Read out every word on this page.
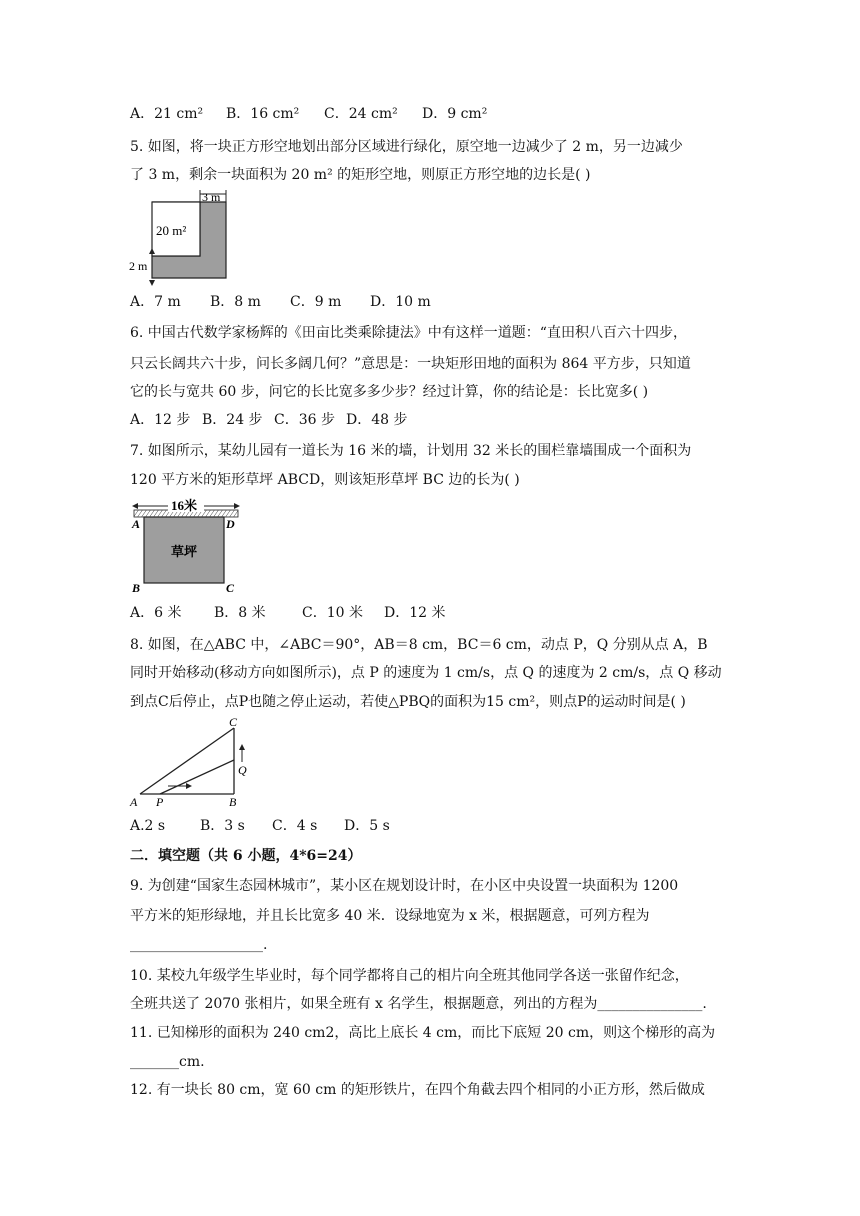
A．21 cm² B．16 cm² C．24 cm² D．9 cm²
5. 如图，将一块正方形空地划出部分区域进行绿化，原空地一边减少了 2 m，另一边减少
了 3 m，剩余一块面积为 20 m² 的矩形空地，则原正方形空地的边长是( )
3 m
20 m²
2 m
A．7 m B．8 m C．9 m D．10 m
6. 中国古代数学家杨辉的《田亩比类乘除捷法》中有这样一道题：“直田积八百六十四步，
只云长阔共六十步，问长多阔几何？”意思是：一块矩形田地的面积为 864 平方步，只知道
它的长与宽共 60 步，问它的长比宽多多少步？经过计算，你的结论是：长比宽多( )
A．12 步 B．24 步 C．36 步 D．48 步
7. 如图所示，某幼儿园有一道长为 16 米的墙，计划用 32 米长的围栏靠墙围成一个面积为
120 平方米的矩形草坪 ABCD，则该矩形草坪 BC 边的长为( )
16米
草坪
A	D
B	C
A．6 米 B．8 米	C．10 米 D．12 米
8. 如图，在△ABC 中，∠ABC＝90°，AB＝8 cm，BC＝6 cm，动点 P，Q 分别从点 A，B
同时开始移动(移动方向如图所示)，点 P 的速度为 1 cm/s，点 Q 的速度为 2 cm/s，点 Q 移动
到点C后停止，点P也随之停止运动，若使△PBQ的面积为15 cm²，则点P的运动时间是( )
A P	B
C
Q
A.2 s B．3 s C．4 s D．5 s
二．填空题（共 6 小题，4*6=24）
9. 为创建“国家生态园林城市”，某小区在规划设计时，在小区中央设置一块面积为 1200
平方米的矩形绿地，并且长比宽多 40 米．设绿地宽为 x 米，根据题意，可列方程为
___________________.
10. 某校九年级学生毕业时，每个同学都将自己的相片向全班其他同学各送一张留作纪念，
全班共送了 2070 张相片，如果全班有 x 名学生，根据题意，列出的方程为_______________.
11. 已知梯形的面积为 240 cm2，高比上底长 4 cm，而比下底短 20 cm，则这个梯形的高为
_______cm.
12. 有一块长 80 cm，宽 60 cm 的矩形铁片，在四个角截去四个相同的小正方形，然后做成
